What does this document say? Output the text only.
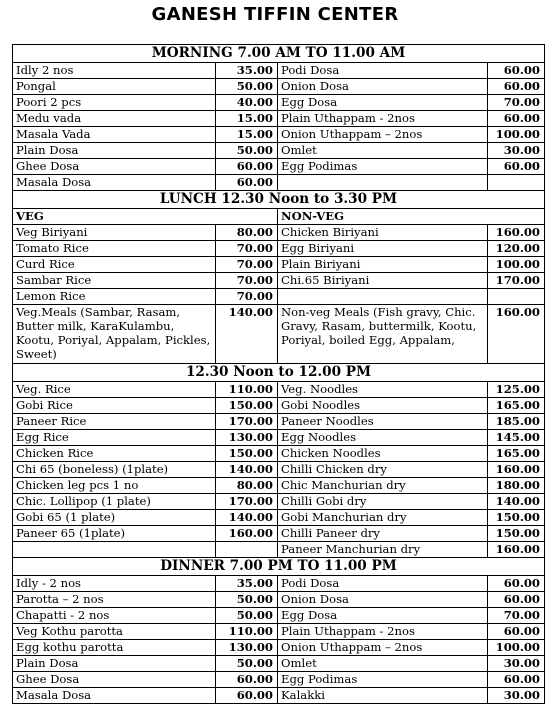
GANESH TIFFIN CENTER
MORNING 7.00 AM TO 11.00 AM			
Idly 2 nos	35.00	Podi Dosa	60.00
Pongal	50.00	Onion Dosa	60.00
Poori 2 pcs	40.00	Egg Dosa	70.00
Medu vada	15.00	Plain Uthappam - 2nos	60.00
Masala Vada	15.00	Onion Uthappam – 2nos	100.00
Plain Dosa	50.00	Omlet	30.00
Ghee Dosa	60.00	Egg Podimas	60.00
Masala Dosa	60.00		
LUNCH 12.30 Noon to 3.30 PM			
VEG		NON-VEG	
Veg Biriyani	80.00	Chicken Biriyani	160.00
Tomato Rice	70.00	Egg Biriyani	120.00
Curd Rice	70.00	Plain Biriyani	100.00
Sambar Rice	70.00	Chi.65 Biriyani	170.00
Lemon Rice	70.00		
Veg.Meals (Sambar, Rasam, Butter milk, KaraKulambu, Kootu, Poriyal, Appalam, Pickles, Sweet)	140.00	Non-veg Meals (Fish gravy, Chic. Gravy, Rasam, buttermilk, Kootu, Poriyal, boiled Egg, Appalam,	160.00
12.30 Noon to 12.00 PM			
Veg. Rice	110.00	Veg. Noodles	125.00
Gobi Rice	150.00	Gobi Noodles	165.00
Paneer Rice	170.00	Paneer Noodles	185.00
Egg Rice	130.00	Egg Noodles	145.00
Chicken Rice	150.00	Chicken Noodles	165.00
Chi 65 (boneless) (1plate)	140.00	Chilli Chicken dry	160.00
Chicken leg pcs 1 no	80.00	Chic Manchurian dry	180.00
Chic. Lollipop (1 plate)	170.00	Chilli Gobi dry	140.00
Gobi 65 (1 plate)	140.00	Gobi Manchurian dry	150.00
Paneer 65 (1plate)	160.00	Chilli Paneer dry	150.00
		Paneer Manchurian dry	160.00
DINNER 7.00 PM TO 11.00 PM			
Idly - 2 nos	35.00	Podi Dosa	60.00
Parotta – 2 nos	50.00	Onion Dosa	60.00
Chapatti - 2 nos	50.00	Egg Dosa	70.00
Veg Kothu parotta	110.00	Plain Uthappam - 2nos	60.00
Egg kothu parotta	130.00	Onion Uthappam – 2nos	100.00
Plain Dosa	50.00	Omlet	30.00
Ghee Dosa	60.00	Egg Podimas	60.00
Masala Dosa	60.00	Kalakki	30.00
